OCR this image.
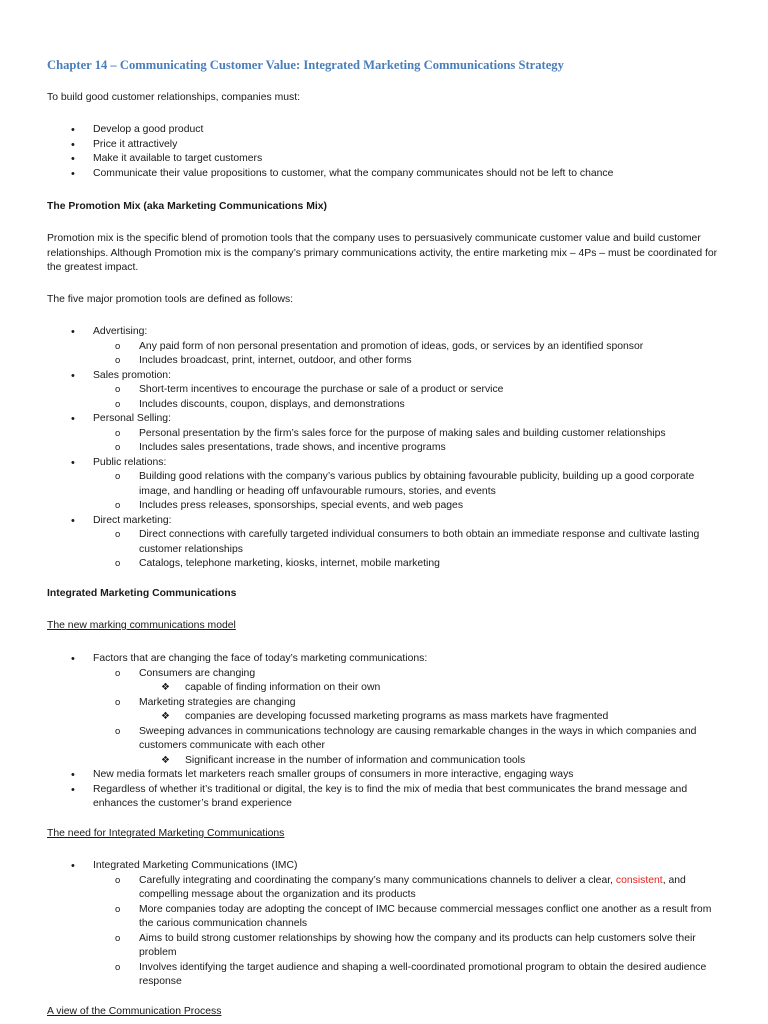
Chapter 14 – Communicating Customer Value: Integrated Marketing Communications Strategy

To build good customer relationships, companies must:

• Develop a good product
• Price it attractively
• Make it available to target customers
• Communicate their value propositions to customer, what the company communicates should not be left to chance

The Promotion Mix (aka Marketing Communications Mix)

Promotion mix is the specific blend of promotion tools that the company uses to persuasively communicate customer value and build customer relationships. Although Promotion mix is the company’s primary communications activity, the entire marketing mix – 4Ps – must be coordinated for the greatest impact.

The five major promotion tools are defined as follows:

• Advertising:
o Any paid form of non personal presentation and promotion of ideas, gods, or services by an identified sponsor
o Includes broadcast, print, internet, outdoor, and other forms
• Sales promotion:
o Short-term incentives to encourage the purchase or sale of a product or service
o Includes discounts, coupon, displays, and demonstrations
• Personal Selling:
o Personal presentation by the firm’s sales force for the purpose of making sales and building customer relationships
o Includes sales presentations, trade shows, and incentive programs
• Public relations:
o Building good relations with the company’s various publics by obtaining favourable publicity, building up a good corporate image, and handling or heading off unfavourable rumours, stories, and events
o Includes press releases, sponsorships, special events, and web pages
• Direct marketing:
o Direct connections with carefully targeted individual consumers to both obtain an immediate response and cultivate lasting customer relationships
o Catalogs, telephone marketing, kiosks, internet, mobile marketing

Integrated Marketing Communications

The new marking communications model

• Factors that are changing the face of today’s marketing communications:
o Consumers are changing
❖ capable of finding information on their own
o Marketing strategies are changing
❖ companies are developing focussed marketing programs as mass markets have fragmented
o Sweeping advances in communications technology are causing remarkable changes in the ways in which companies and customers communicate with each other
❖ Significant increase in the number of information and communication tools
• New media formats let marketers reach smaller groups of consumers in more interactive, engaging ways
• Regardless of whether it’s traditional or digital, the key is to find the mix of media that best communicates the brand message and enhances the customer’s brand experience

The need for Integrated Marketing Communications

• Integrated Marketing Communications (IMC)
o Carefully integrating and coordinating the company’s many communications channels to deliver a clear, consistent, and compelling message about the organization and its products
o More companies today are adopting the concept of IMC because commercial messages conflict one another as a result from the carious communication channels
o Aims to build strong customer relationships by showing how the company and its products can help customers solve their problem
o Involves identifying the target audience and shaping a well-coordinated promotional program to obtain the desired audience response

A view of the Communication Process
